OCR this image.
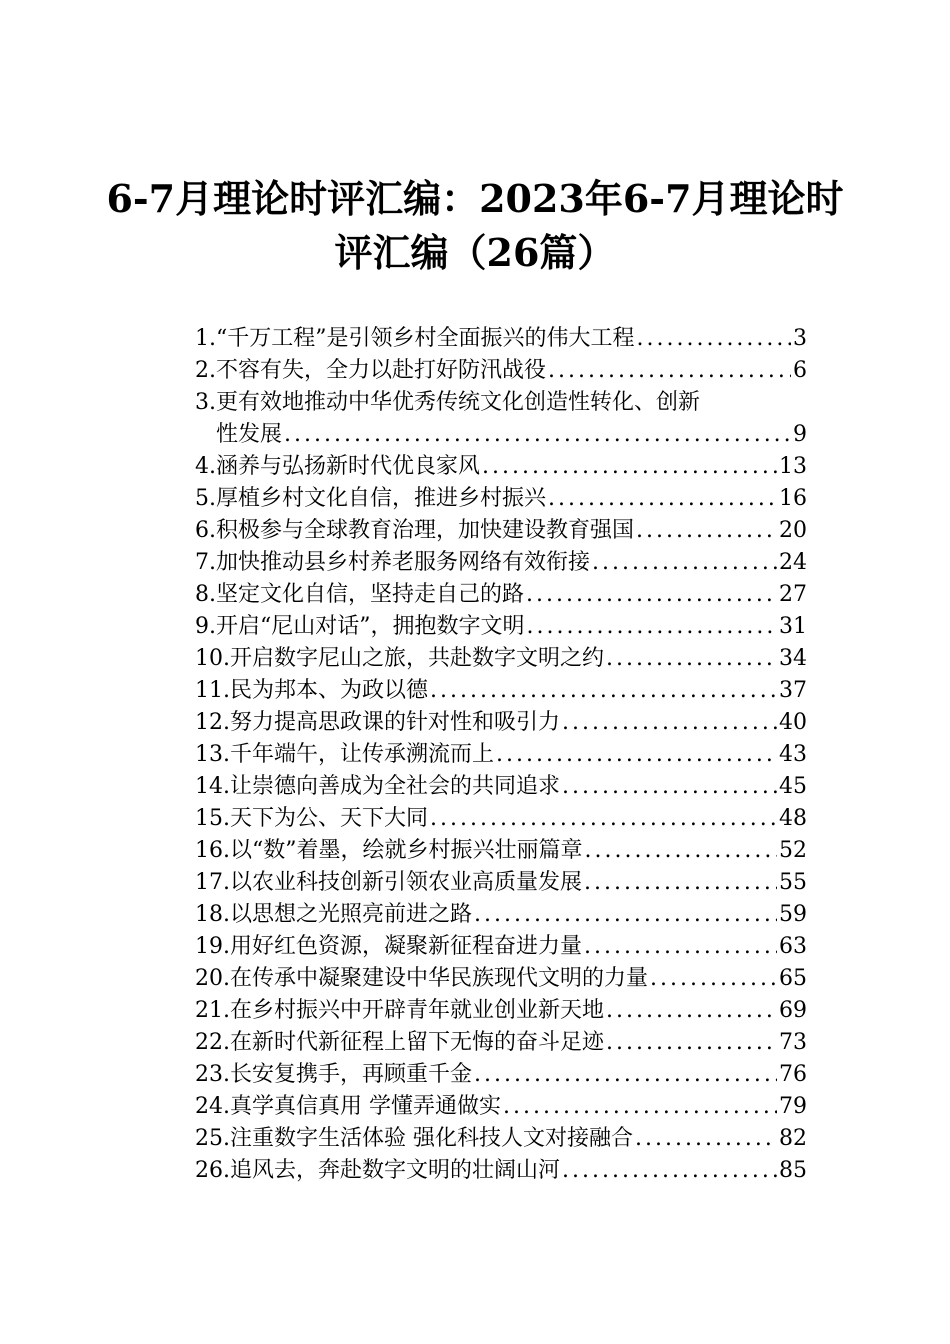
6-7月理论时评汇编：2023年6-7月理论时
评汇编（26篇）
1. “千万工程”是引领乡村全面振兴的伟大工程 .....	3
2. 不容有失，全力以赴打好防汛战役 .....	6
3. 更有效地推动中华优秀传统文化创造性转化、创新
性发展 .....	9
4. 涵养与弘扬新时代优良家风 .....	13
5. 厚植乡村文化自信，推进乡村振兴 .....	16
6. 积极参与全球教育治理，加快建设教育强国 .....	20
7. 加快推动县乡村养老服务网络有效衔接 .....	24
8. 坚定文化自信，坚持走自己的路 .....	27
9. 开启“尼山对话”，拥抱数字文明 .....	31
10. 开启数字尼山之旅，共赴数字文明之约 .....	34
11. 民为邦本、为政以德 .....	37
12. 努力提高思政课的针对性和吸引力 .....	40
13. 千年端午，让传承溯流而上 .....	43
14. 让崇德向善成为全社会的共同追求 .....	45
15. 天下为公、天下大同 .....	48
16. 以“数”着墨，绘就乡村振兴壮丽篇章 .....	52
17. 以农业科技创新引领农业高质量发展 .....	55
18. 以思想之光照亮前进之路 .....	59
19. 用好红色资源，凝聚新征程奋进力量 .....	63
20. 在传承中凝聚建设中华民族现代文明的力量 .....	65
21. 在乡村振兴中开辟青年就业创业新天地 .....	69
22. 在新时代新征程上留下无悔的奋斗足迹 .....	73
23. 长安复携手，再顾重千金 .....	76
24. 真学真信真用 学懂弄通做实 .....	79
25. 注重数字生活体验 强化科技人文对接融合 .....	82
26. 追风去，奔赴数字文明的壮阔山河 .....	85
